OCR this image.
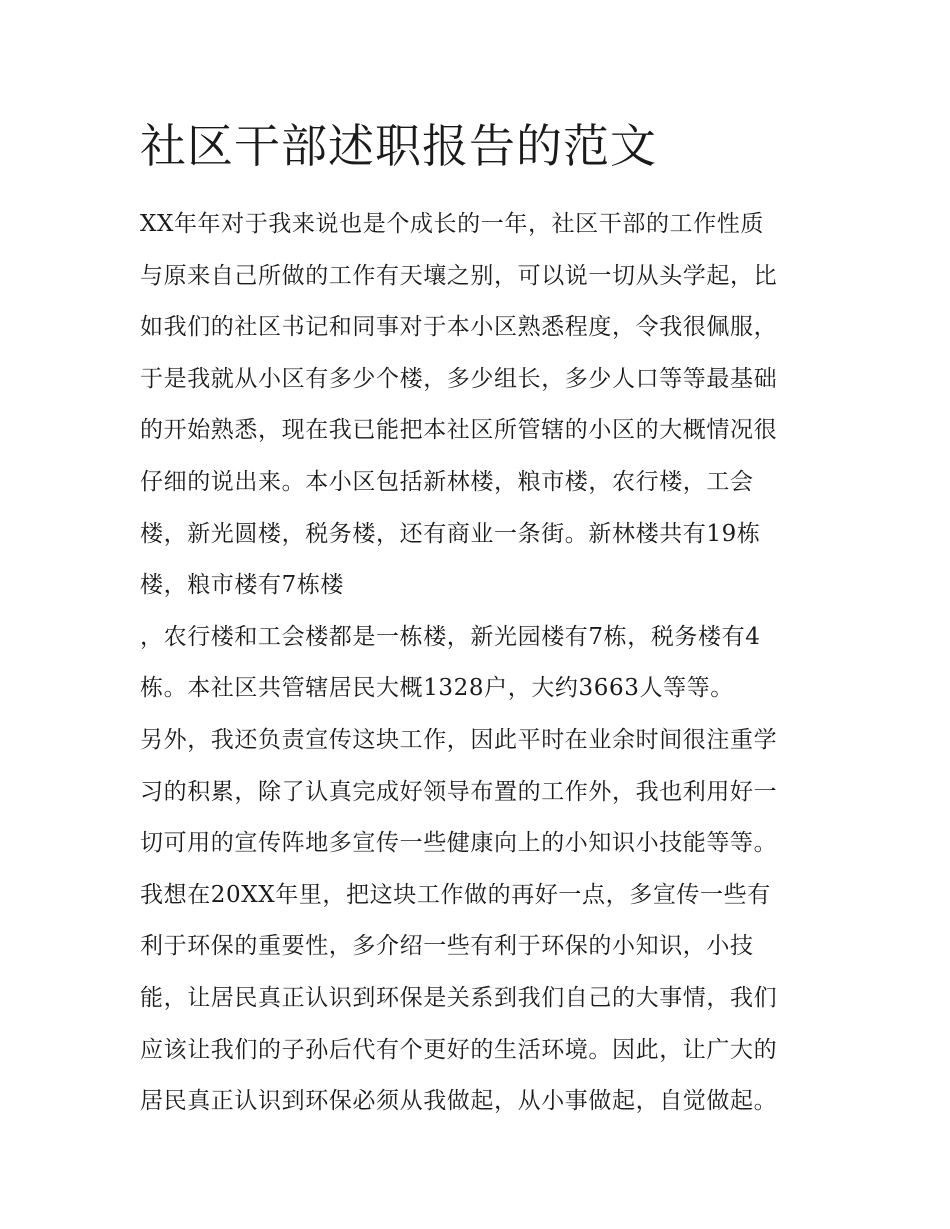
社区干部述职报告的范文
XX年年对于我来说也是个成长的一年，社区干部的工作性质
与原来自己所做的工作有天壤之别，可以说一切从头学起，比
如我们的社区书记和同事对于本小区熟悉程度，令我很佩服，
于是我就从小区有多少个楼，多少组长，多少人口等等最基础
的开始熟悉，现在我已能把本社区所管辖的小区的大概情况很
仔细的说出来。本小区包括新林楼，粮市楼，农行楼，工会
楼，新光圆楼，税务楼，还有商业一条街。新林楼共有19栋
楼，粮市楼有7栋楼
，农行楼和工会楼都是一栋楼，新光园楼有7栋，税务楼有4
栋。本社区共管辖居民大概1328户，大约3663人等等。
另外，我还负责宣传这块工作，因此平时在业余时间很注重学
习的积累，除了认真完成好领导布置的工作外，我也利用好一
切可用的宣传阵地多宣传一些健康向上的小知识小技能等等。
我想在20XX年里，把这块工作做的再好一点，多宣传一些有
利于环保的重要性，多介绍一些有利于环保的小知识，小技
能，让居民真正认识到环保是关系到我们自己的大事情，我们
应该让我们的子孙后代有个更好的生活环境。因此，让广大的
居民真正认识到环保必须从我做起，从小事做起，自觉做起。
